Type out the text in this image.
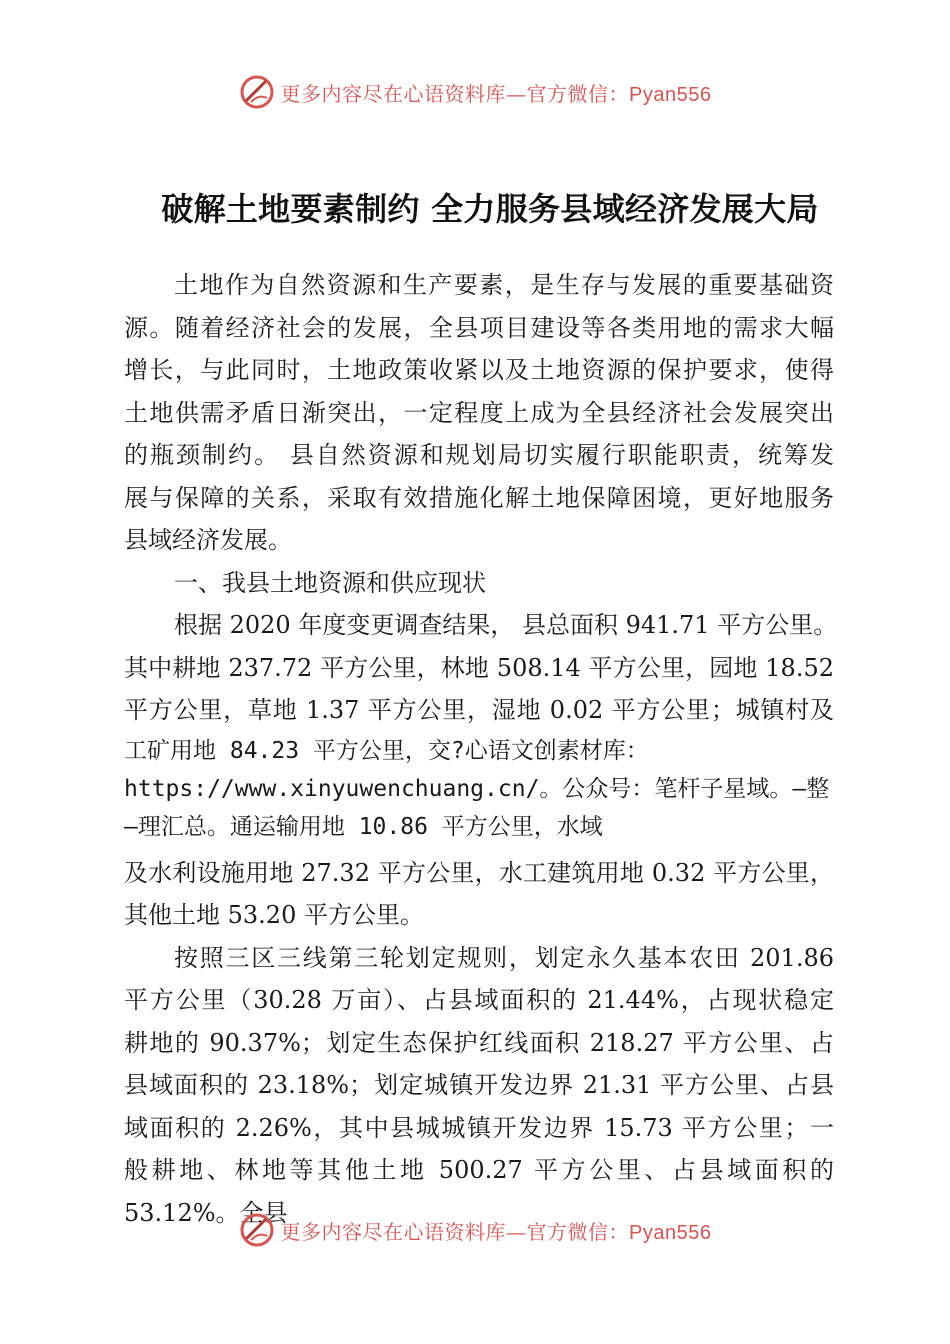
更多内容尽在心语资料库—官方微信：Pyan556
破解土地要素制约 全力服务县域经济发展大局
土地作为自然资源和生产要素，是生存与发展的重要基础资
源。随着经济社会的发展，全县项目建设等各类用地的需求大幅
增长，与此同时，土地政策收紧以及土地资源的保护要求，使得
土地供需矛盾日渐突出，一定程度上成为全县经济社会发展突出
的瓶颈制约。 县自然资源和规划局切实履行职能职责，统筹发
展与保障的关系，采取有效措施化解土地保障困境，更好地服务
县域经济发展。
一、我县土地资源和供应现状
根据 2020 年度变更调查结果， 县总面积 941.71 平方公里。
其中耕地 237.72 平方公里，林地 508.14 平方公里，园地 18.52
平方公里，草地 1.37 平方公里，湿地 0.02 平方公里；城镇村及
工矿用地 84.23 平方公里，交?心语文创素材库：
https://www.xinyuwenchuang.cn/。公众号：笔杆子星域。—整
—理汇总。通运输用地 10.86 平方公里，水域
及水利设施用地 27.32 平方公里，水工建筑用地 0.32 平方公里，
其他土地 53.20 平方公里。
按照三区三线第三轮划定规则，划定永久基本农田 201.86
平方公里（30.28 万亩）、占县域面积的 21.44%，占现状稳定
耕地的 90.37%；划定生态保护红线面积 218.27 平方公里、占
县域面积的 23.18%；划定城镇开发边界 21.31 平方公里、占县
域面积的 2.26%，其中县城城镇开发边界 15.73 平方公里；一
般耕地、林地等其他土地 500.27 平方公里、占县域面积的
53.12%。全县
更多内容尽在心语资料库—官方微信：Pyan556
